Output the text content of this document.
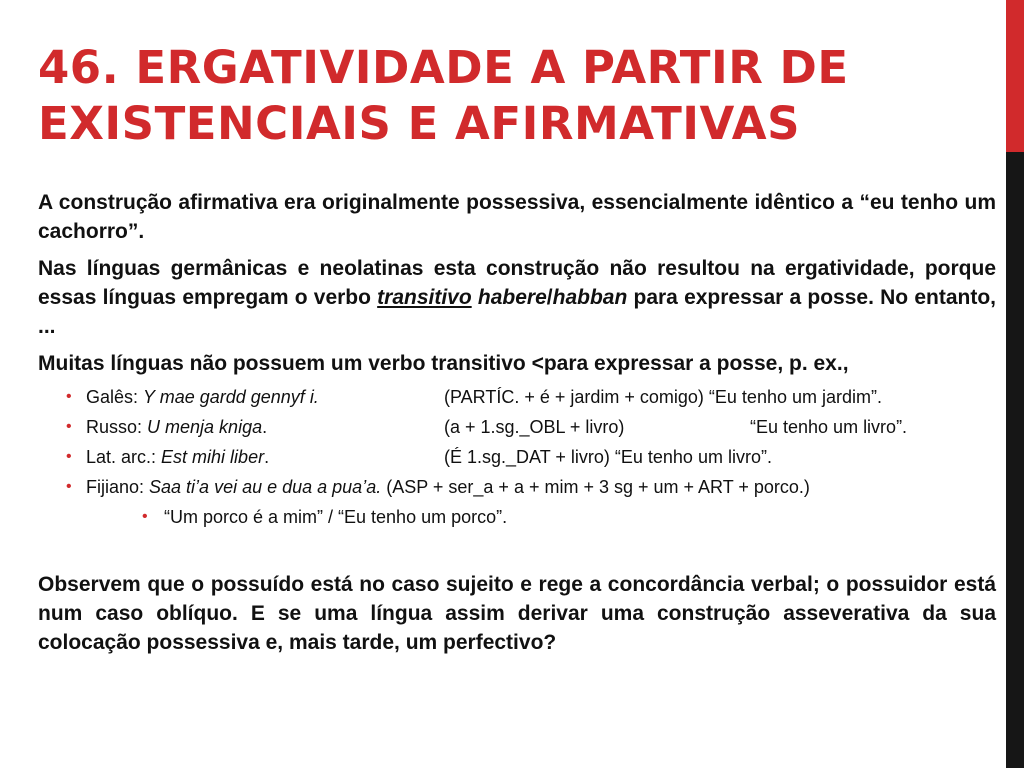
46. ERGATIVIDADE A PARTIR DE EXISTENCIAIS E AFIRMATIVAS

A construção afirmativa era originalmente possessiva, essencialmente idêntico a “eu tenho um cachorro”.

Nas línguas germânicas e neolatinas esta construção não resultou na ergatividade, porque essas línguas empregam o verbo transitivo habere/habban para expressar a posse. No entanto, ...

Muitas línguas não possuem um verbo transitivo <para expressar a posse, p. ex.,

• Galês: Y mae gardd gennyf i.	(PARTÍC. + é + jardim + comigo) “Eu tenho um jardim”.
• Russo: U menja kniga.	(a + 1.sg._OBL + livro)	“Eu tenho um livro”.
• Lat. arc.: Est mihi liber.	(É 1.sg._DAT + livro) “Eu tenho um livro”.
• Fijiano: Saa ti’a vei au e dua a pua’a. (ASP + ser_a + a + mim + 3 sg + um + ART + porco.)
• “Um porco é a mim” / “Eu tenho um porco”.

Observem que o possuído está no caso sujeito e rege a concordância verbal; o possuidor está num caso oblíquo. E se uma língua assim derivar uma construção asseverativa da sua colocação possessiva e, mais tarde, um perfectivo?
